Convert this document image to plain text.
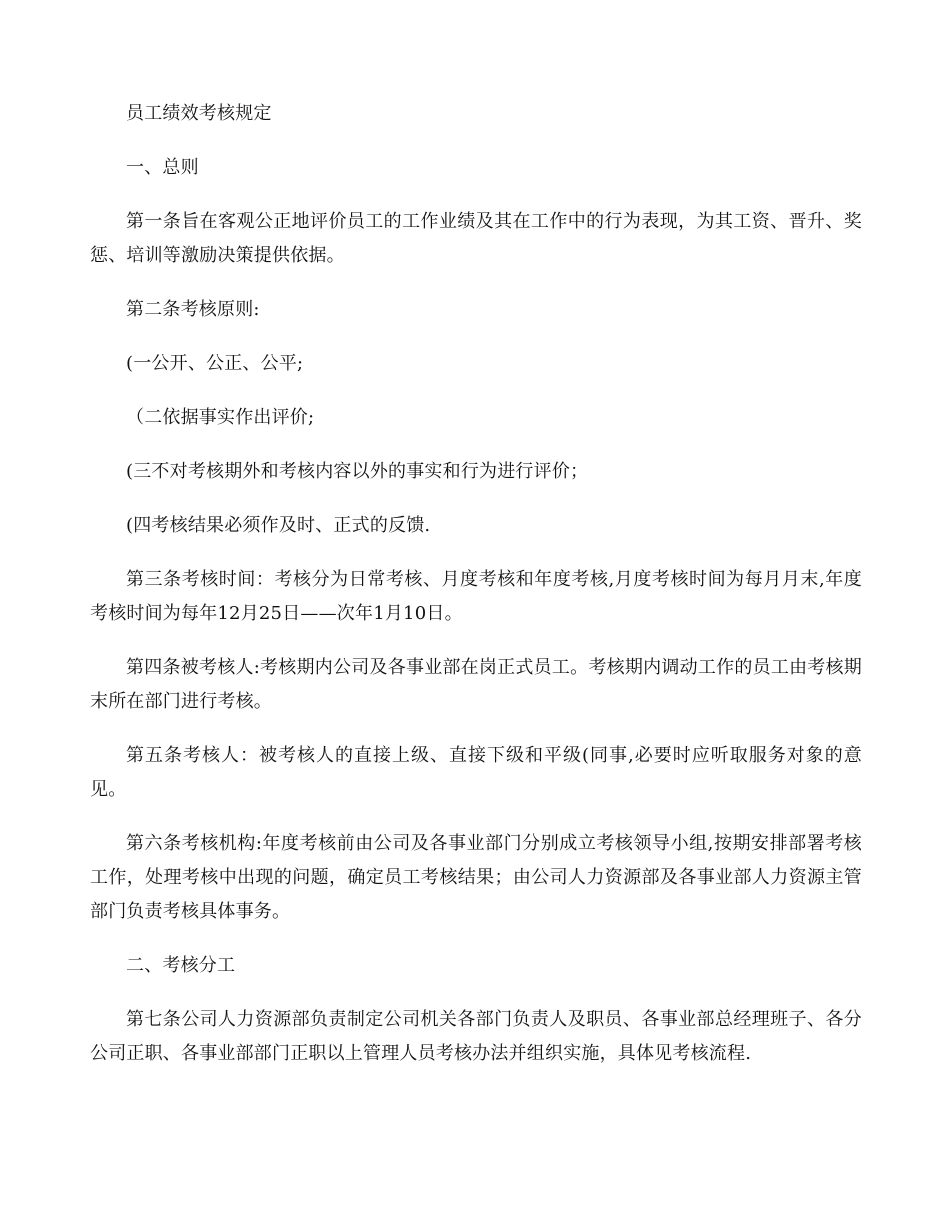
员工绩效考核规定

一、总则

第一条旨在客观公正地评价员工的工作业绩及其在工作中的行为表现，为其工资、晋升、奖惩、培训等激励决策提供依据。

第二条考核原则:

(一公开、公正、公平;

（二依据事实作出评价;

(三不对考核期外和考核内容以外的事实和行为进行评价；

(四考核结果必须作及时、正式的反馈.

第三条考核时间：考核分为日常考核、月度考核和年度考核,月度考核时间为每月月末,年度考核时间为每年12月25日——次年1月10日。

第四条被考核人:考核期内公司及各事业部在岗正式员工。考核期内调动工作的员工由考核期末所在部门进行考核。

第五条考核人：被考核人的直接上级、直接下级和平级(同事,必要时应听取服务对象的意见。

第六条考核机构:年度考核前由公司及各事业部门分别成立考核领导小组,按期安排部署考核工作，处理考核中出现的问题，确定员工考核结果；由公司人力资源部及各事业部人力资源主管部门负责考核具体事务。

二、考核分工

第七条公司人力资源部负责制定公司机关各部门负责人及职员、各事业部总经理班子、各分公司正职、各事业部部门正职以上管理人员考核办法并组织实施，具体见考核流程.
